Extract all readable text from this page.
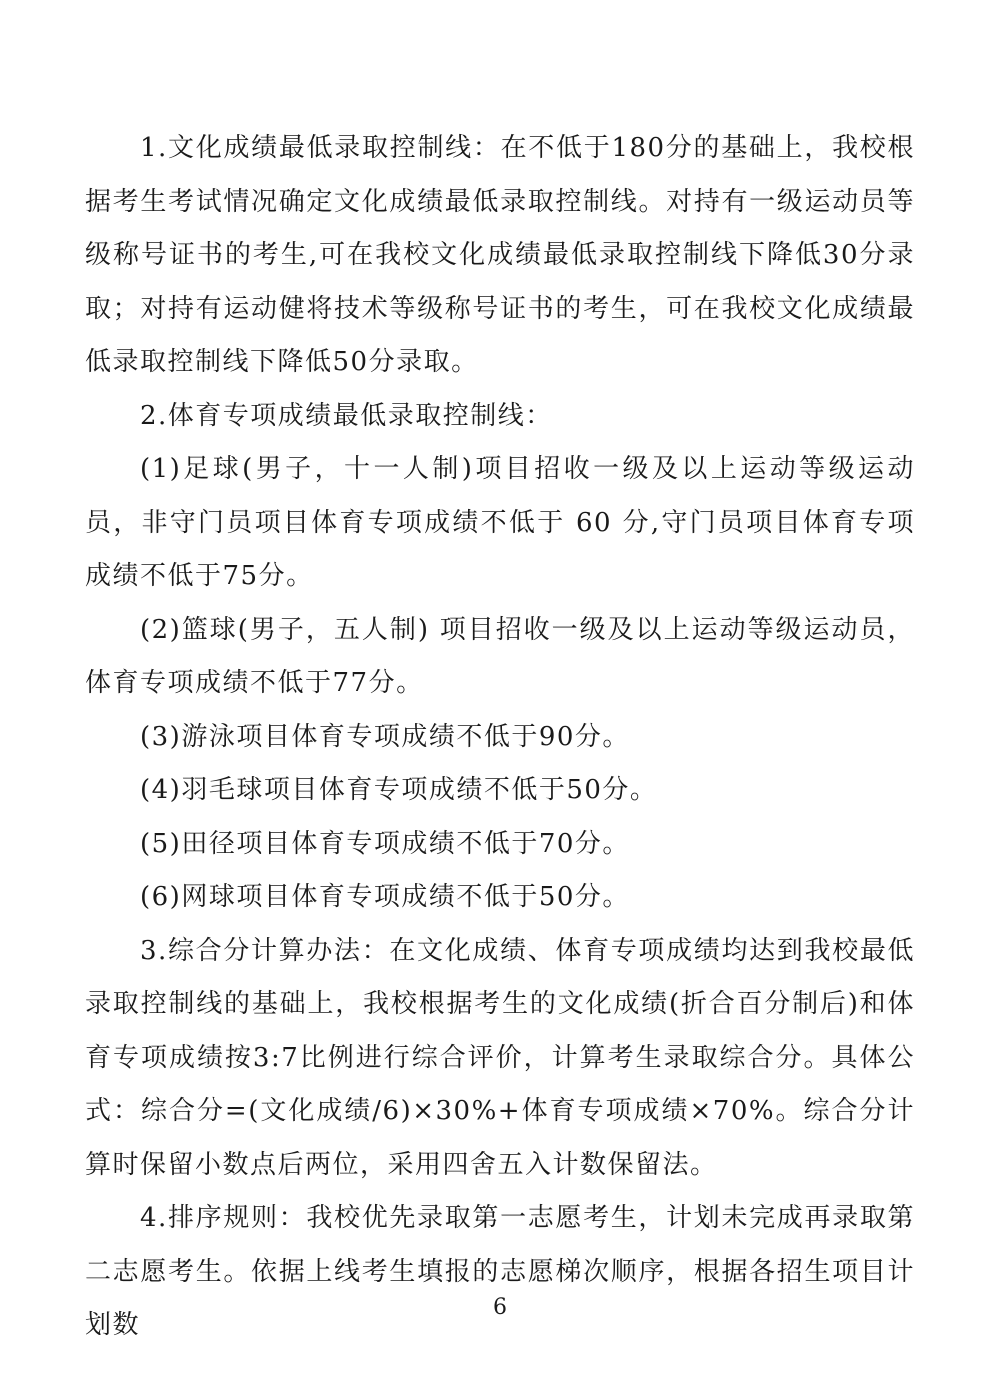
1.文化成绩最低录取控制线：在不低于180分的基础上，我校根据考生考试情况确定文化成绩最低录取控制线。对持有一级运动员等级称号证书的考生,可在我校文化成绩最低录取控制线下降低30分录取；对持有运动健将技术等级称号证书的考生，可在我校文化成绩最低录取控制线下降低50分录取。

2.体育专项成绩最低录取控制线：

(1)足球(男子，十一人制)项目招收一级及以上运动等级运动员，非守门员项目体育专项成绩不低于 60 分,守门员项目体育专项成绩不低于75分。

(2)篮球(男子，五人制) 项目招收一级及以上运动等级运动员，体育专项成绩不低于77分。

(3)游泳项目体育专项成绩不低于90分。

(4)羽毛球项目体育专项成绩不低于50分。

(5)田径项目体育专项成绩不低于70分。

(6)网球项目体育专项成绩不低于50分。

3.综合分计算办法：在文化成绩、体育专项成绩均达到我校最低录取控制线的基础上，我校根据考生的文化成绩(折合百分制后)和体育专项成绩按3:7比例进行综合评价，计算考生录取综合分。具体公式：综合分=(文化成绩/6)×30%+体育专项成绩×70%。综合分计算时保留小数点后两位，采用四舍五入计数保留法。

4.排序规则：我校优先录取第一志愿考生，计划未完成再录取第二志愿考生。依据上线考生填报的志愿梯次顺序，根据各招生项目计划数

6
